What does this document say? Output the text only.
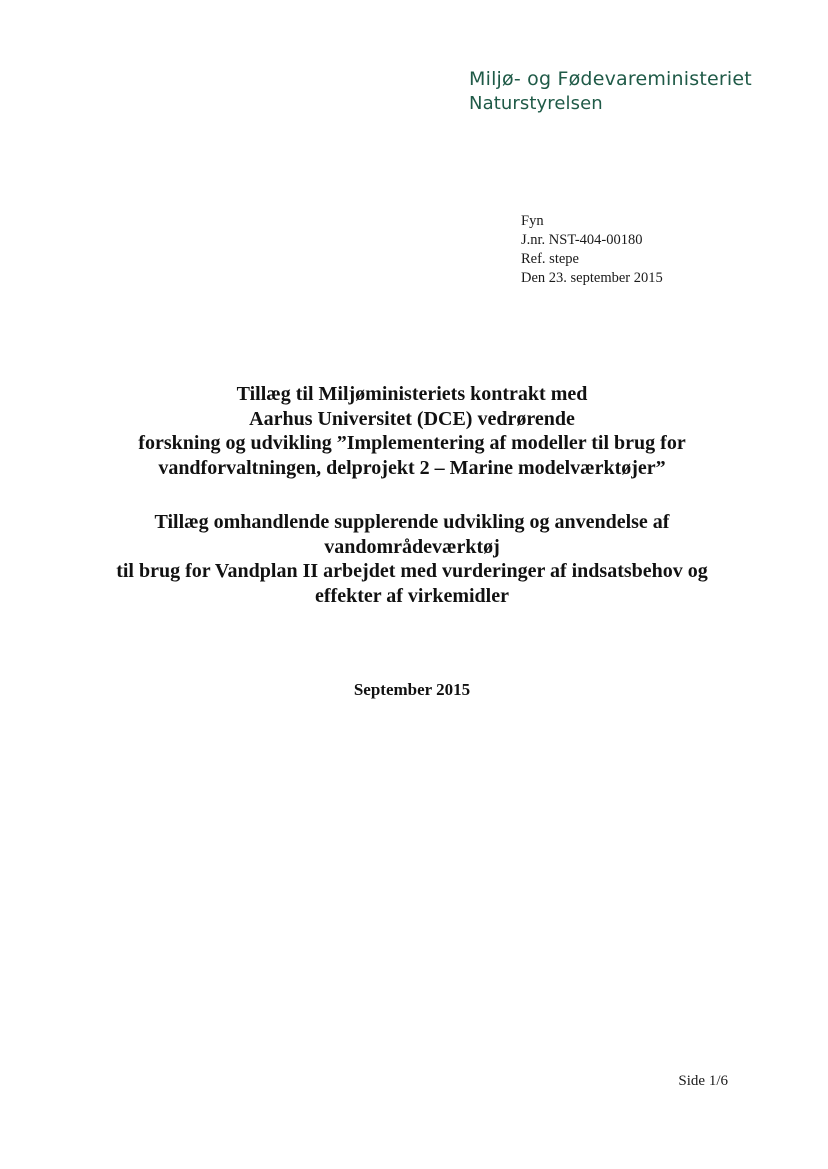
Miljø- og Fødevareministeriet
Naturstyrelsen
Fyn
J.nr. NST-404-00180
Ref. stepe
Den 23. september 2015
Tillæg til Miljøministeriets kontrakt med
Aarhus Universitet (DCE) vedrørende
forskning og udvikling ”Implementering af modeller til brug for
vandforvaltningen, delprojekt 2 – Marine modelværktøjer”
Tillæg omhandlende supplerende udvikling og anvendelse af
vandområdeværktøj
til brug for Vandplan II arbejdet med vurderinger af indsatsbehov og
effekter af virkemidler
September 2015
Side 1/6
